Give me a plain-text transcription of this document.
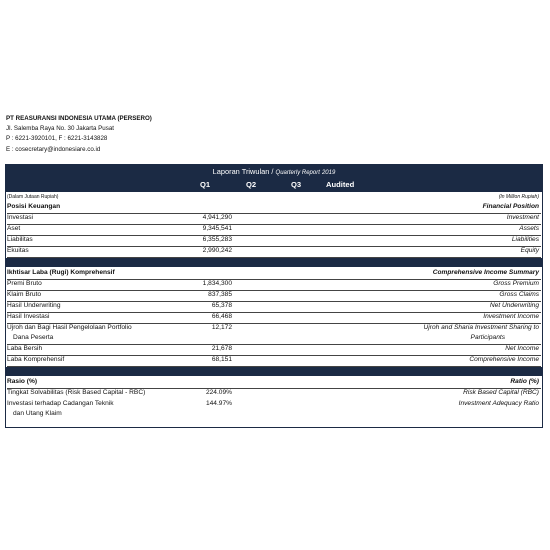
PT REASURANSI INDONESIA UTAMA (PERSERO)
Jl. Salemba Raya No. 30 Jakarta Pusat
P : 6221-3920101, F : 6221-3143828
E : cosecretary@indonesiare.co.id
Laporan Triwulan / Quarterly Report 2019
Q1	Q2	Q3	Audited
(Dalam Jutaan Rupiah)	(In Million Rupiah)
Posisi Keuangan	Financial Position
Investasi	4,941,290	Investment
Aset	9,345,541	Assets
Liabilitas	6,355,283	Liabilities
Ekuitas	2,990,242	Equity
Ikhtisar Laba (Rugi) Komprehensif	Comprehensive Income Summary
Premi Bruto	1,834,300	Gross Premium
Klaim Bruto	837,385	Gross Claims
Hasil Underwriting	65,378	Net Underwriting
Hasil Investasi	66,468	Investment Income
Ujroh dan Bagi Hasil Pengelolaan Portfolio	12,172	Ujroh and Sharia Investment Sharing to
Dana Peserta	Participants
Laba Bersih	21,678	Net Income
Laba Komprehensif	68,151	Comprehensive Income
Rasio (%)	Ratio (%)
Tingkat Solvabilitas (Risk Based Capital - RBC)	224.09%	Risk Based Capital (RBC)
Investasi terhadap Cadangan Teknik	144.97%	Investment Adequacy Ratio
dan Utang Klaim
